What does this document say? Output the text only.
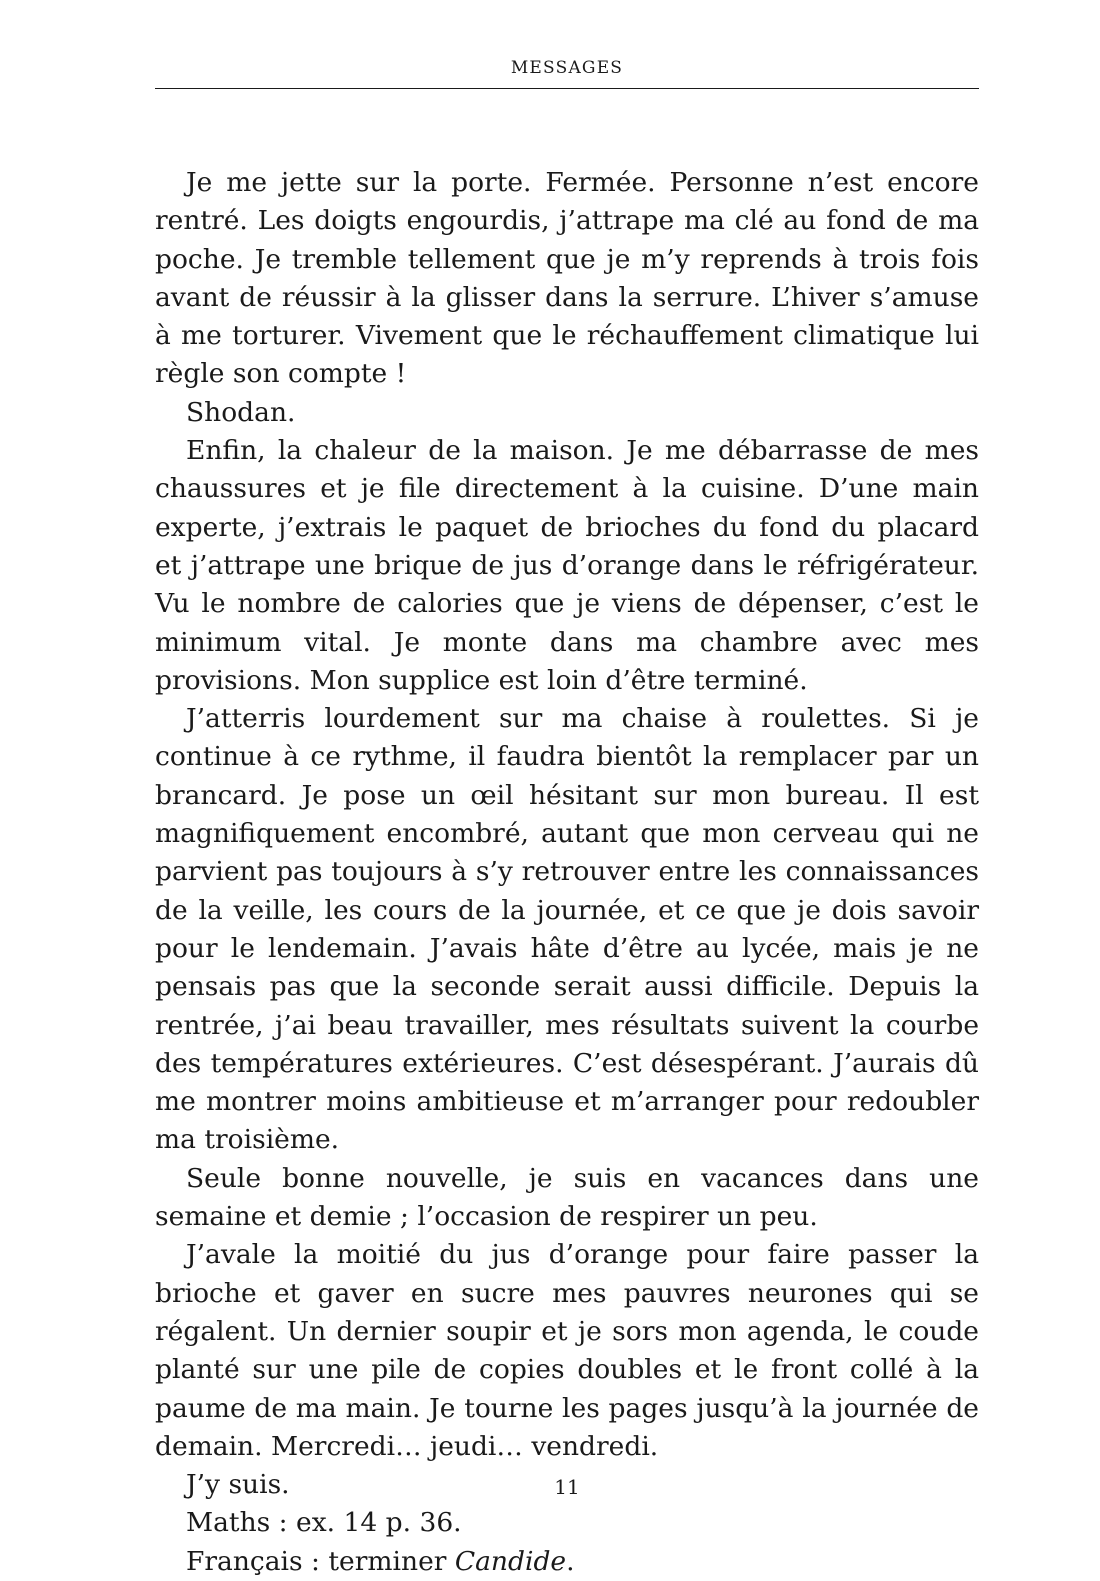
MESSAGES

Je me jette sur la porte. Fermée. Personne n’est encore rentré. Les doigts engourdis, j’attrape ma clé au fond de ma poche. Je tremble tellement que je m’y reprends à trois fois avant de réussir à la glisser dans la serrure. L’hiver s’amuse à me torturer. Vivement que le réchauffement climatique lui règle son compte !

Shodan.

Enfin, la chaleur de la maison. Je me débarrasse de mes chaussures et je file directement à la cuisine. D’une main experte, j’extrais le paquet de brioches du fond du placard et j’attrape une brique de jus d’orange dans le réfrigérateur. Vu le nombre de calories que je viens de dépenser, c’est le minimum vital. Je monte dans ma chambre avec mes provisions. Mon supplice est loin d’être terminé.

J’atterris lourdement sur ma chaise à roulettes. Si je continue à ce rythme, il faudra bientôt la remplacer par un brancard. Je pose un œil hésitant sur mon bureau. Il est magnifiquement encombré, autant que mon cerveau qui ne parvient pas toujours à s’y retrouver entre les connaissances de la veille, les cours de la journée, et ce que je dois savoir pour le lendemain. J’avais hâte d’être au lycée, mais je ne pensais pas que la seconde serait aussi difficile. Depuis la rentrée, j’ai beau travailler, mes résultats suivent la courbe des températures extérieures. C’est désespérant. J’aurais dû me montrer moins ambitieuse et m’arranger pour redoubler ma troisième.

Seule bonne nouvelle, je suis en vacances dans une semaine et demie ; l’occasion de respirer un peu.

J’avale la moitié du jus d’orange pour faire passer la brioche et gaver en sucre mes pauvres neurones qui se régalent. Un dernier soupir et je sors mon agenda, le coude planté sur une pile de copies doubles et le front collé à la paume de ma main. Je tourne les pages jusqu’à la journée de demain. Mercredi… jeudi… vendredi.

J’y suis.

Maths : ex. 14 p. 36.

Français : terminer Candide.

11
